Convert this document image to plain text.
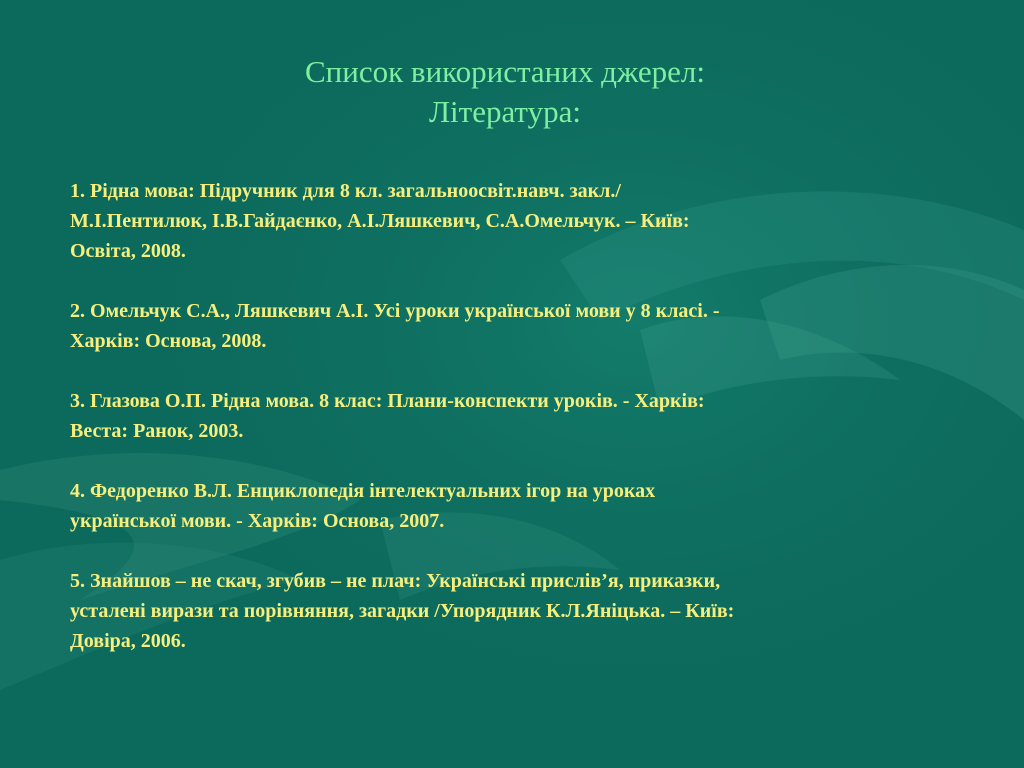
Список використаних джерел:
Література:
1. Рідна мова: Підручник для 8 кл. загальноосвіт.навч. закл./
М.І.Пентилюк, І.В.Гайдаєнко, А.І.Ляшкевич, С.А.Омельчук. – Київ:
Освіта, 2008.
2. Омельчук С.А., Ляшкевич А.І. Усі уроки української мови у 8 класі. -
Харків: Основа, 2008.
3. Глазова О.П. Рідна мова. 8 клас: Плани-конспекти уроків. - Харків:
Веста: Ранок, 2003.
4. Федоренко В.Л. Енциклопедія інтелектуальних ігор на уроках
української мови. - Харків: Основа, 2007.
5. Знайшов – не скач, згубив – не плач: Українські прислів’я, приказки,
усталені вирази та порівняння, загадки /Упорядник К.Л.Яніцька. – Київ:
Довіра, 2006.
